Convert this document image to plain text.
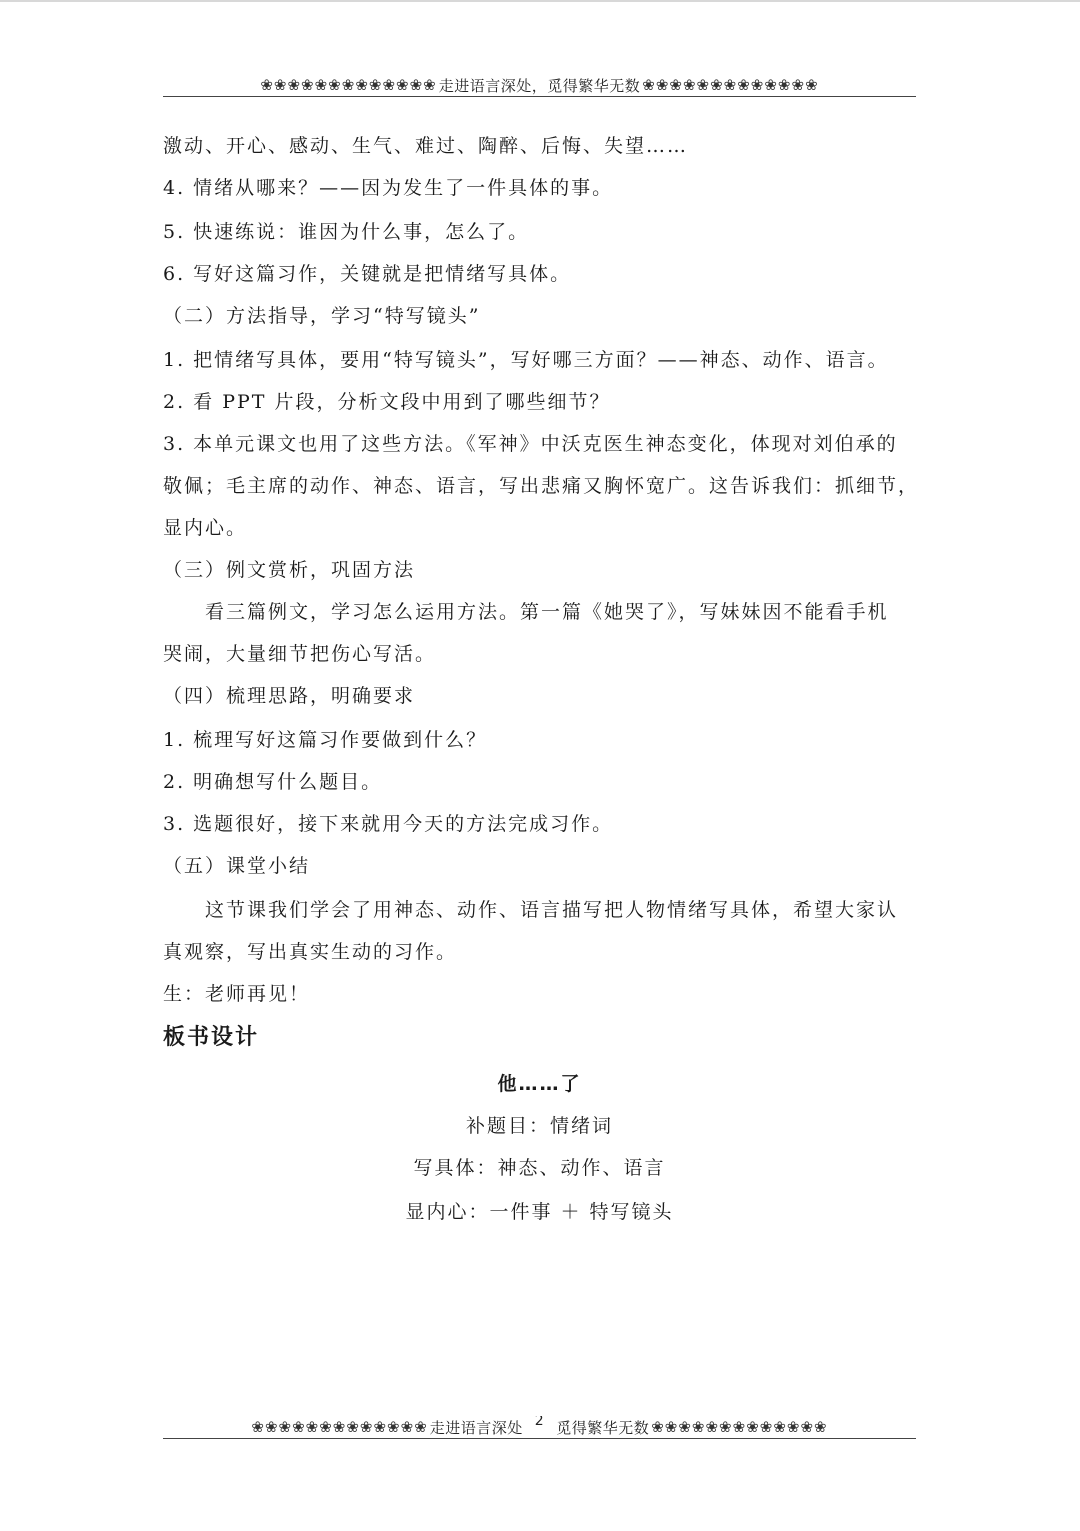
❀❀❀❀❀❀❀❀❀❀❀❀❀ 走进语言深处，觅得繁华无数 ❀❀❀❀❀❀❀❀❀❀❀❀❀
激动、开心、感动、生气、难过、陶醉、后悔、失望……
4. 情绪从哪来？——因为发生了一件具体的事。
5. 快速练说：谁因为什么事，怎么了。
6. 写好这篇习作，关键就是把情绪写具体。
（二）方法指导，学习“特写镜头”
1. 把情绪写具体，要用“特写镜头”，写好哪三方面？——神态、动作、语言。
2. 看 PPT 片段，分析文段中用到了哪些细节？
3. 本单元课文也用了这些方法。《军神》中沃克医生神态变化，体现对刘伯承的
敬佩；毛主席的动作、神态、语言，写出悲痛又胸怀宽广。这告诉我们：抓细节，
显内心。
（三）例文赏析，巩固方法
看三篇例文，学习怎么运用方法。第一篇《她哭了》，写妹妹因不能看手机
哭闹，大量细节把伤心写活。
（四）梳理思路，明确要求
1. 梳理写好这篇习作要做到什么？
2. 明确想写什么题目。
3. 选题很好，接下来就用今天的方法完成习作。
（五）课堂小结
这节课我们学会了用神态、动作、语言描写把人物情绪写具体，希望大家认
真观察，写出真实生动的习作。
生：老师再见！
板书设计
他……了
补题目：情绪词
写具体：神态、动作、语言
显内心：一件事 ＋ 特写镜头
❀❀❀❀❀❀❀❀❀❀❀❀❀ 走进语言深处 2 觅得繁华无数 ❀❀❀❀❀❀❀❀❀❀❀❀❀
